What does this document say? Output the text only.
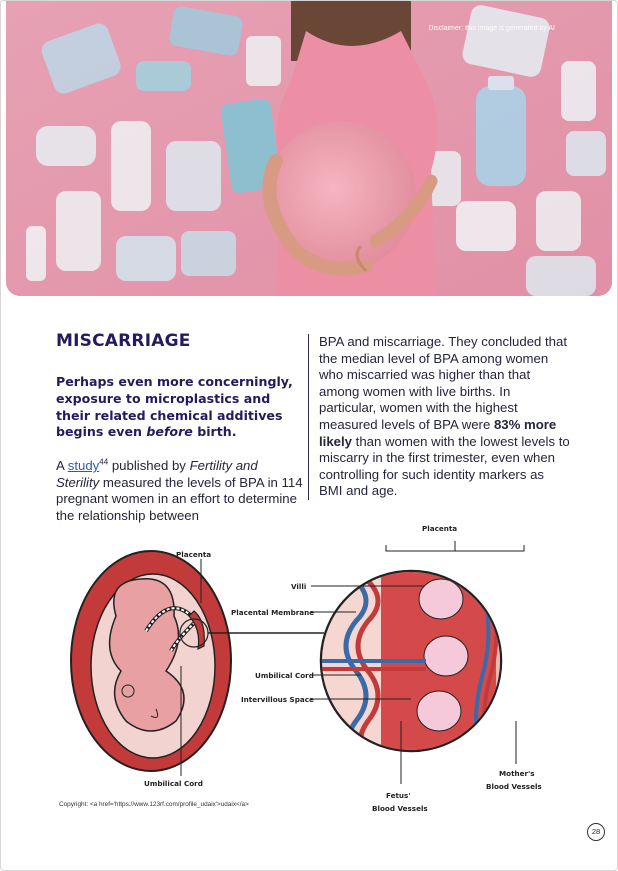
Disclaimer: this image is generated by AI
MISCARRIAGE

Perhaps even more concerningly, exposure to microplastics and their related chemical additives begins even before birth.

A study$^{44}$ published by Fertility and Sterility measured the levels of BPA in 114 pregnant women in an effort to determine the relationship between

BPA and miscarriage. They concluded that the median level of BPA among women who miscarried was higher than that among women with live births. In particular, women with the highest measured levels of BPA were 83% more likely than women with the lowest levels to miscarry in the first trimester, even when controlling for such identity markers as BMI and age.
Placenta
Umbilical Cord
Villi
Placental Membrane
Umbilical Cord
Intervillous Space
Placenta
Fetus'
Blood Vessels
Mother's
Blood Vessels
Copyright: <a href='https://www.123rf.com/profile_udaix'>udaix</a>
28
